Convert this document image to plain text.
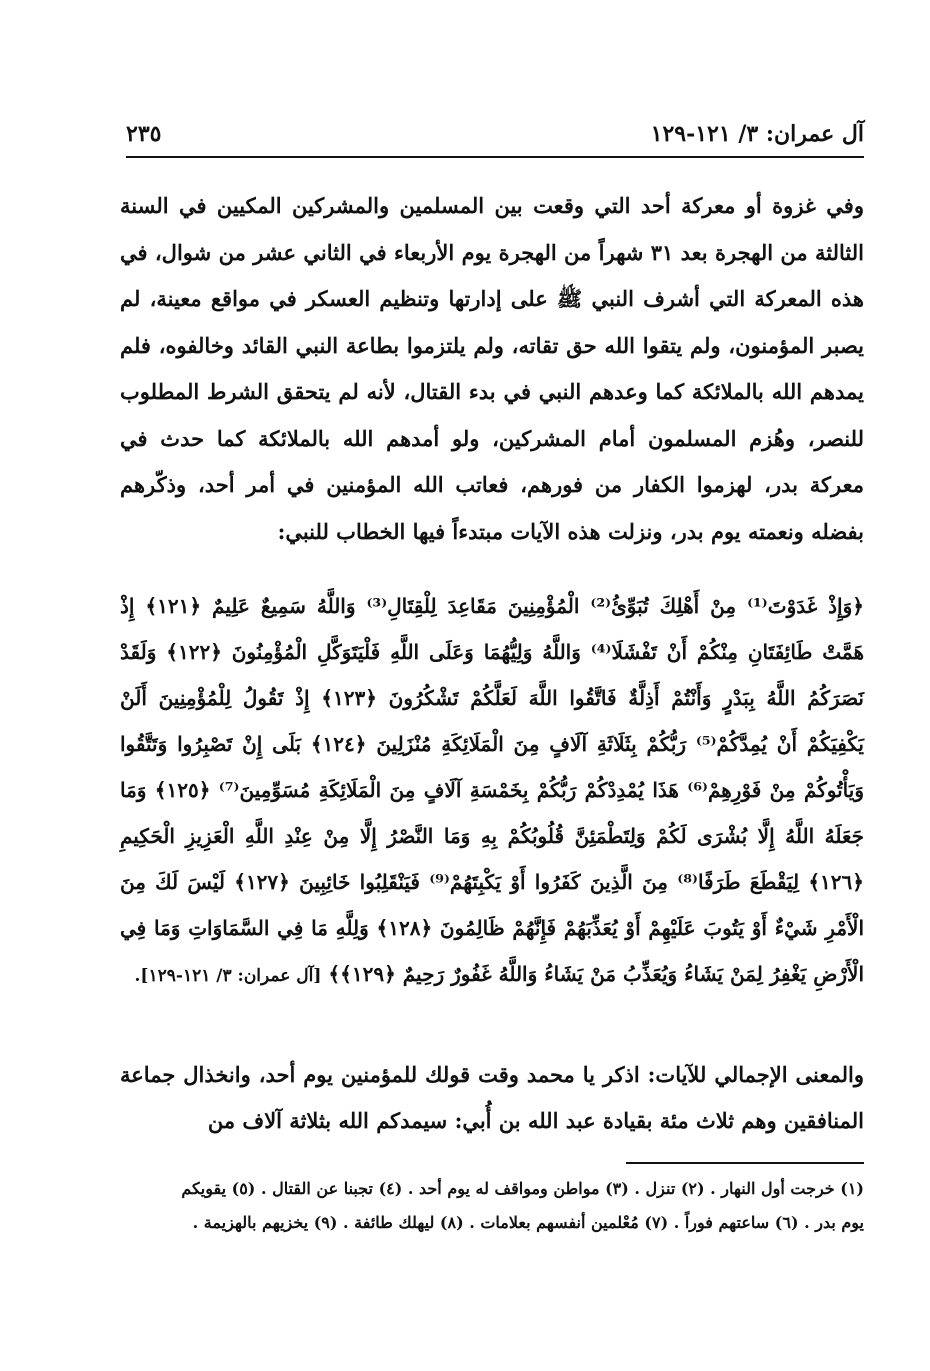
آل عمران: ٣/ ١٢١-١٢٩
٢٣٥

وفي غزوة أو معركة أحد التي وقعت بين المسلمين والمشركين المكيين في السنة الثالثة من الهجرة بعد ٣١ شهراً من الهجرة يوم الأربعاء في الثاني عشر من شوال، في هذه المعركة التي أشرف النبي ﷺ على إدارتها وتنظيم العسكر في مواقع معينة، لم يصبر المؤمنون، ولم يتقوا الله حق تقاته، ولم يلتزموا بطاعة النبي القائد وخالفوه، فلم يمدهم الله بالملائكة كما وعدهم النبي في بدء القتال، لأنه لم يتحقق الشرط المطلوب للنصر، وهُزم المسلمون أمام المشركين، ولو أمدهم الله بالملائكة كما حدث في معركة بدر، لهزموا الكفار من فورهم، فعاتب الله المؤمنين في أمر أحد، وذكّرهم بفضله ونعمته يوم بدر، ونزلت هذه الآيات مبتدءاً فيها الخطاب للنبي:

﴿وَإِذْ غَدَوْتَ⁽¹⁾ مِنْ أَهْلِكَ تُبَوِّئُ⁽²⁾ الْمُؤْمِنِينَ مَقَاعِدَ لِلْقِتَالِ⁽³⁾ وَاللَّهُ سَمِيعٌ عَلِيمٌ ﴿١٢١﴾ إِذْ هَمَّتْ طَائِفَتَانِ مِنْكُمْ أَنْ تَفْشَلَا⁽⁴⁾ وَاللَّهُ وَلِيُّهُمَا وَعَلَى اللَّهِ فَلْيَتَوَكَّلِ الْمُؤْمِنُونَ ﴿١٢٢﴾ وَلَقَدْ نَصَرَكُمُ اللَّهُ بِبَدْرٍ وَأَنْتُمْ أَذِلَّةٌ فَاتَّقُوا اللَّهَ لَعَلَّكُمْ تَشْكُرُونَ ﴿١٢٣﴾ إِذْ تَقُولُ لِلْمُؤْمِنِينَ أَلَنْ يَكْفِيَكُمْ أَنْ يُمِدَّكُمْ⁽⁵⁾ رَبُّكُمْ بِثَلَاثَةِ آلَافٍ مِنَ الْمَلَائِكَةِ مُنْزَلِينَ ﴿١٢٤﴾ بَلَى إِنْ تَصْبِرُوا وَتَتَّقُوا وَيَأْتُوكُمْ مِنْ فَوْرِهِمْ⁽⁶⁾ هَذَا يُمْدِدْكُمْ رَبُّكُمْ بِخَمْسَةِ آلَافٍ مِنَ الْمَلَائِكَةِ مُسَوِّمِينَ⁽⁷⁾ ﴿١٢٥﴾ وَمَا جَعَلَهُ اللَّهُ إِلَّا بُشْرَى لَكُمْ وَلِتَطْمَئِنَّ قُلُوبُكُمْ بِهِ وَمَا النَّصْرُ إِلَّا مِنْ عِنْدِ اللَّهِ الْعَزِيزِ الْحَكِيمِ ﴿١٢٦﴾ لِيَقْطَعَ طَرَفًا⁽⁸⁾ مِنَ الَّذِينَ كَفَرُوا أَوْ يَكْبِتَهُمْ⁽⁹⁾ فَيَنْقَلِبُوا خَائِبِينَ ﴿١٢٧﴾ لَيْسَ لَكَ مِنَ الْأَمْرِ شَيْءٌ أَوْ يَتُوبَ عَلَيْهِمْ أَوْ يُعَذِّبَهُمْ فَإِنَّهُمْ ظَالِمُونَ ﴿١٢٨﴾ وَلِلَّهِ مَا فِي السَّمَاوَاتِ وَمَا فِي الْأَرْضِ يَغْفِرُ لِمَنْ يَشَاءُ وَيُعَذِّبُ مَنْ يَشَاءُ وَاللَّهُ غَفُورٌ رَحِيمٌ ﴿١٢٩﴾﴾ [آل عمران: ٣/ ١٢١-١٢٩].

والمعنى الإجمالي للآيات: اذكر يا محمد وقت قولك للمؤمنين يوم أحد، وانخذال جماعة المنافقين وهم ثلاث مئة بقيادة عبد الله بن أُبي: سيمدكم الله بثلاثة آلاف من

(١) خرجت أول النهار . (٢) تنزل . (٣) مواطن ومواقف له يوم أحد . (٤) تجبنا عن القتال . (٥) يقويكم
يوم بدر . (٦) ساعتهم فوراً . (٧) مُعْلمين أنفسهم بعلامات . (٨) ليهلك طائفة . (٩) يخزيهم بالهزيمة .
